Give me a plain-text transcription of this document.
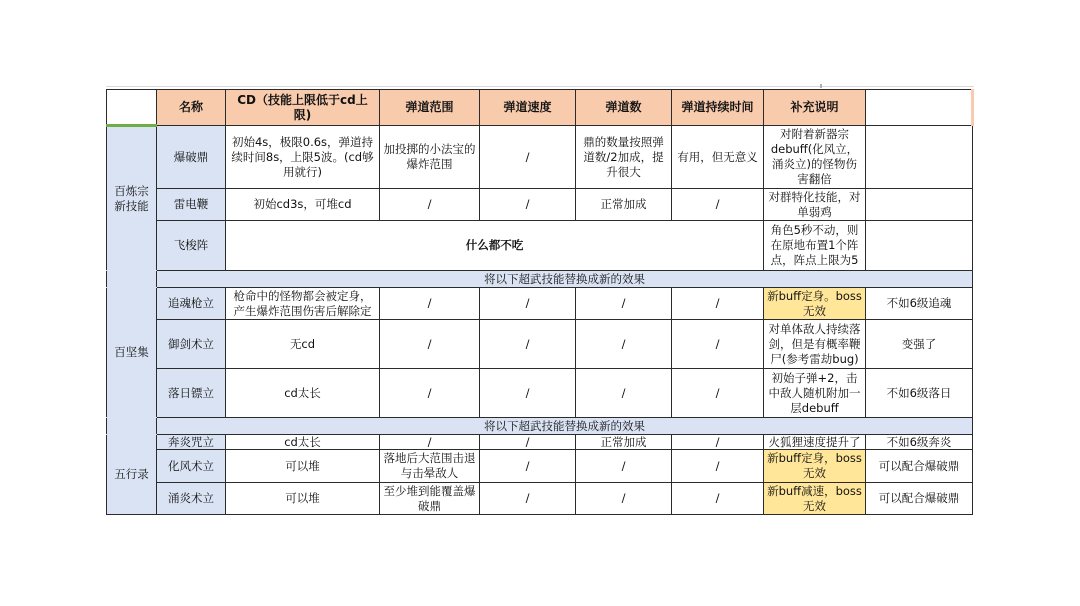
	名称	CD（技能上限低于cd上限)	弹道范围	弹道速度	弹道数	弹道持续时间	补充说明	
百炼宗新技能	爆破鼎	初始4s，极限0.6s，弹道持续时间8s，上限5波。(cd够用就行)	加投掷的小法宝的爆炸范围	/	鼎的数量按照弹道数/2加成，提升很大	有用，但无意义	对附着新器宗debuff(化风立，涌炎立)的怪物伤害翻倍	
	雷电鞭	初始cd3s，可堆cd	/	/	正常加成	/	对群特化技能，对单弱鸡	
	飞梭阵	什么都不吃					角色5秒不动，则在原地布置1个阵点，阵点上限为5	
	将以下超武技能替换成新的效果							
百坚集	追魂枪立	枪命中的怪物都会被定身，产生爆炸范围伤害后解除定	/	/	/	/	新buff定身。boss无效	不如6级追魂
	御剑术立	无cd	/	/	/	/	对单体敌人持续落剑，但是有概率鞭尸(参考雷劫bug)	变强了
	落日镖立	cd太长	/	/	/	/	初始子弹+2，击中敌人随机附加一层debuff	不如6级落日
	将以下超武技能替换成新的效果							
五行录	奔炎咒立	cd太长	/	/	正常加成	/	火狐狸速度提升了	不如6级奔炎
	化风术立	可以堆	落地后大范围击退与击晕敌人	/	/	/	新buff定身，boss无效	可以配合爆破鼎
	涌炎术立	可以堆	至少堆到能覆盖爆破鼎	/	/	/	新buff减速，boss无效	可以配合爆破鼎
